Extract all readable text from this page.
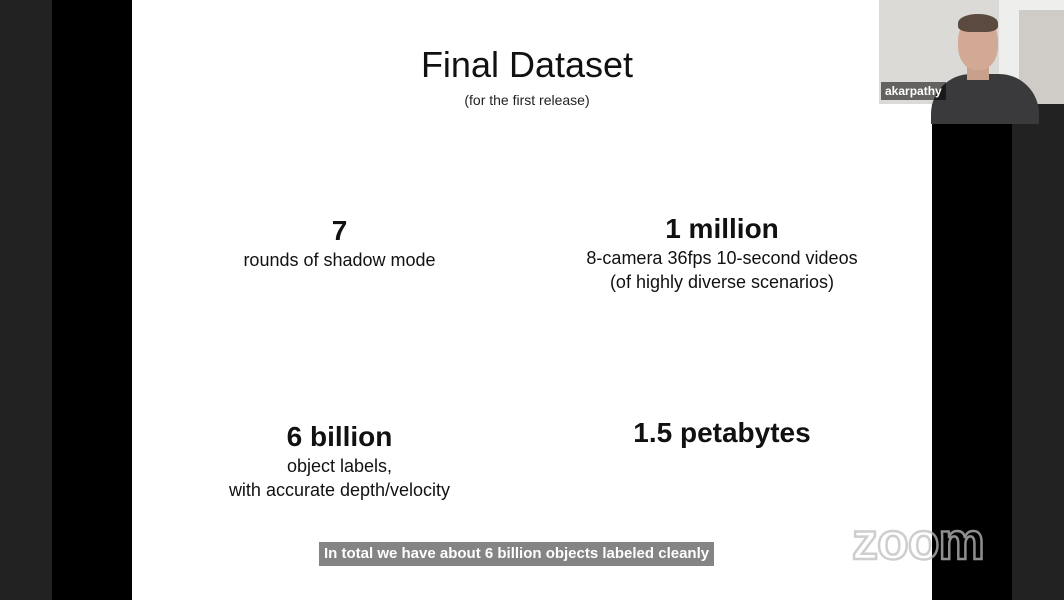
Final Dataset
(for the first release)
7
rounds of shadow mode
1 million
8-camera 36fps 10-second videos
(of highly diverse scenarios)
6 billion
object labels,
with accurate depth/velocity
1.5 petabytes
In total we have about 6 billion objects labeled cleanly	zoom
akarpathy
